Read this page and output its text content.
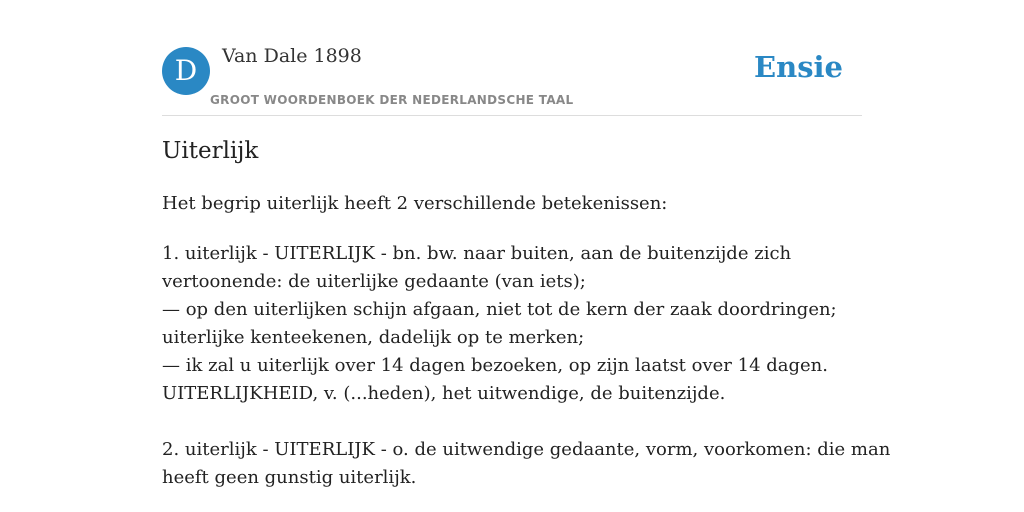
D	Van Dale 1898
GROOT WOORDENBOEK DER NEDERLANDSCHE TAAL
Ensie
Uiterlijk
Het begrip uiterlijk heeft 2 verschillende betekenissen:
1. uiterlijk - UITERLIJK - bn. bw. naar buiten, aan de buitenzijde zich
vertoonende: de uiterlijke gedaante (van iets);
— op den uiterlijken schijn afgaan, niet tot de kern der zaak doordringen;
uiterlijke kenteekenen, dadelijk op te merken;
— ik zal u uiterlijk over 14 dagen bezoeken, op zijn laatst over 14 dagen.
UITERLIJKHEID, v. (...heden), het uitwendige, de buitenzijde.
2. uiterlijk - UITERLIJK - o. de uitwendige gedaante, vorm, voorkomen: die man
heeft geen gunstig uiterlijk.
